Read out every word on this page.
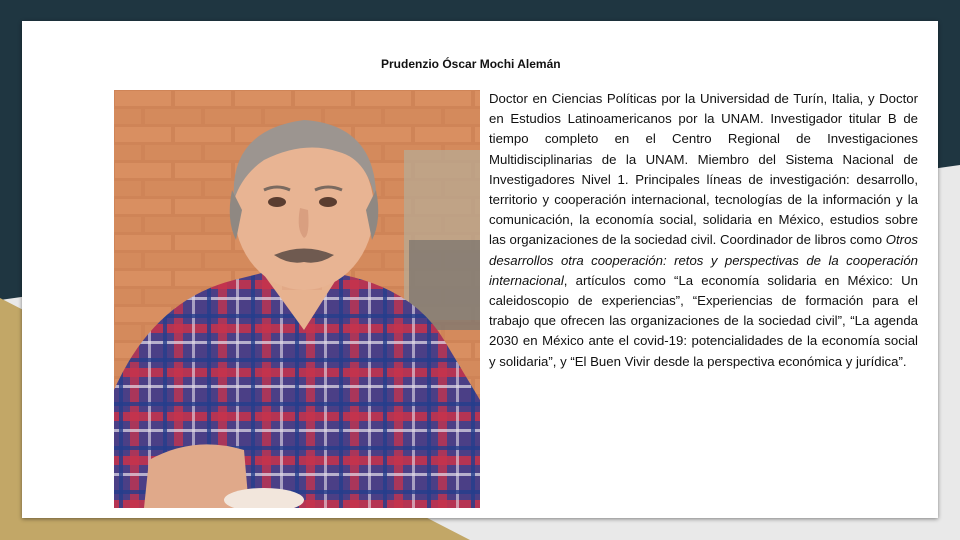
Prudenzio Óscar Mochi Alemán

Doctor en Ciencias Políticas por la Universidad de Turín, Italia, y Doctor en Estudios Latinoamericanos por la UNAM. Investigador titular B de tiempo completo en el Centro Regional de Investigaciones Multidisciplinarias de la UNAM. Miembro del Sistema Nacional de Investigadores Nivel 1. Principales líneas de investigación: desarrollo, territorio y cooperación internacional, tecnologías de la información y la comunicación, la economía social, solidaria en México, estudios sobre las organizaciones de la sociedad civil. Coordinador de libros como Otros desarrollos otra cooperación: retos y perspectivas de la cooperación internacional, artículos como “La economía solidaria en México: Un caleidoscopio de experiencias”, “Experiencias de formación para el trabajo que ofrecen las organizaciones de la sociedad civil”, “La agenda 2030 en México ante el covid-19: potencialidades de la economía social y solidaria”, y “El Buen Vivir desde la perspectiva económica y jurídica”.
